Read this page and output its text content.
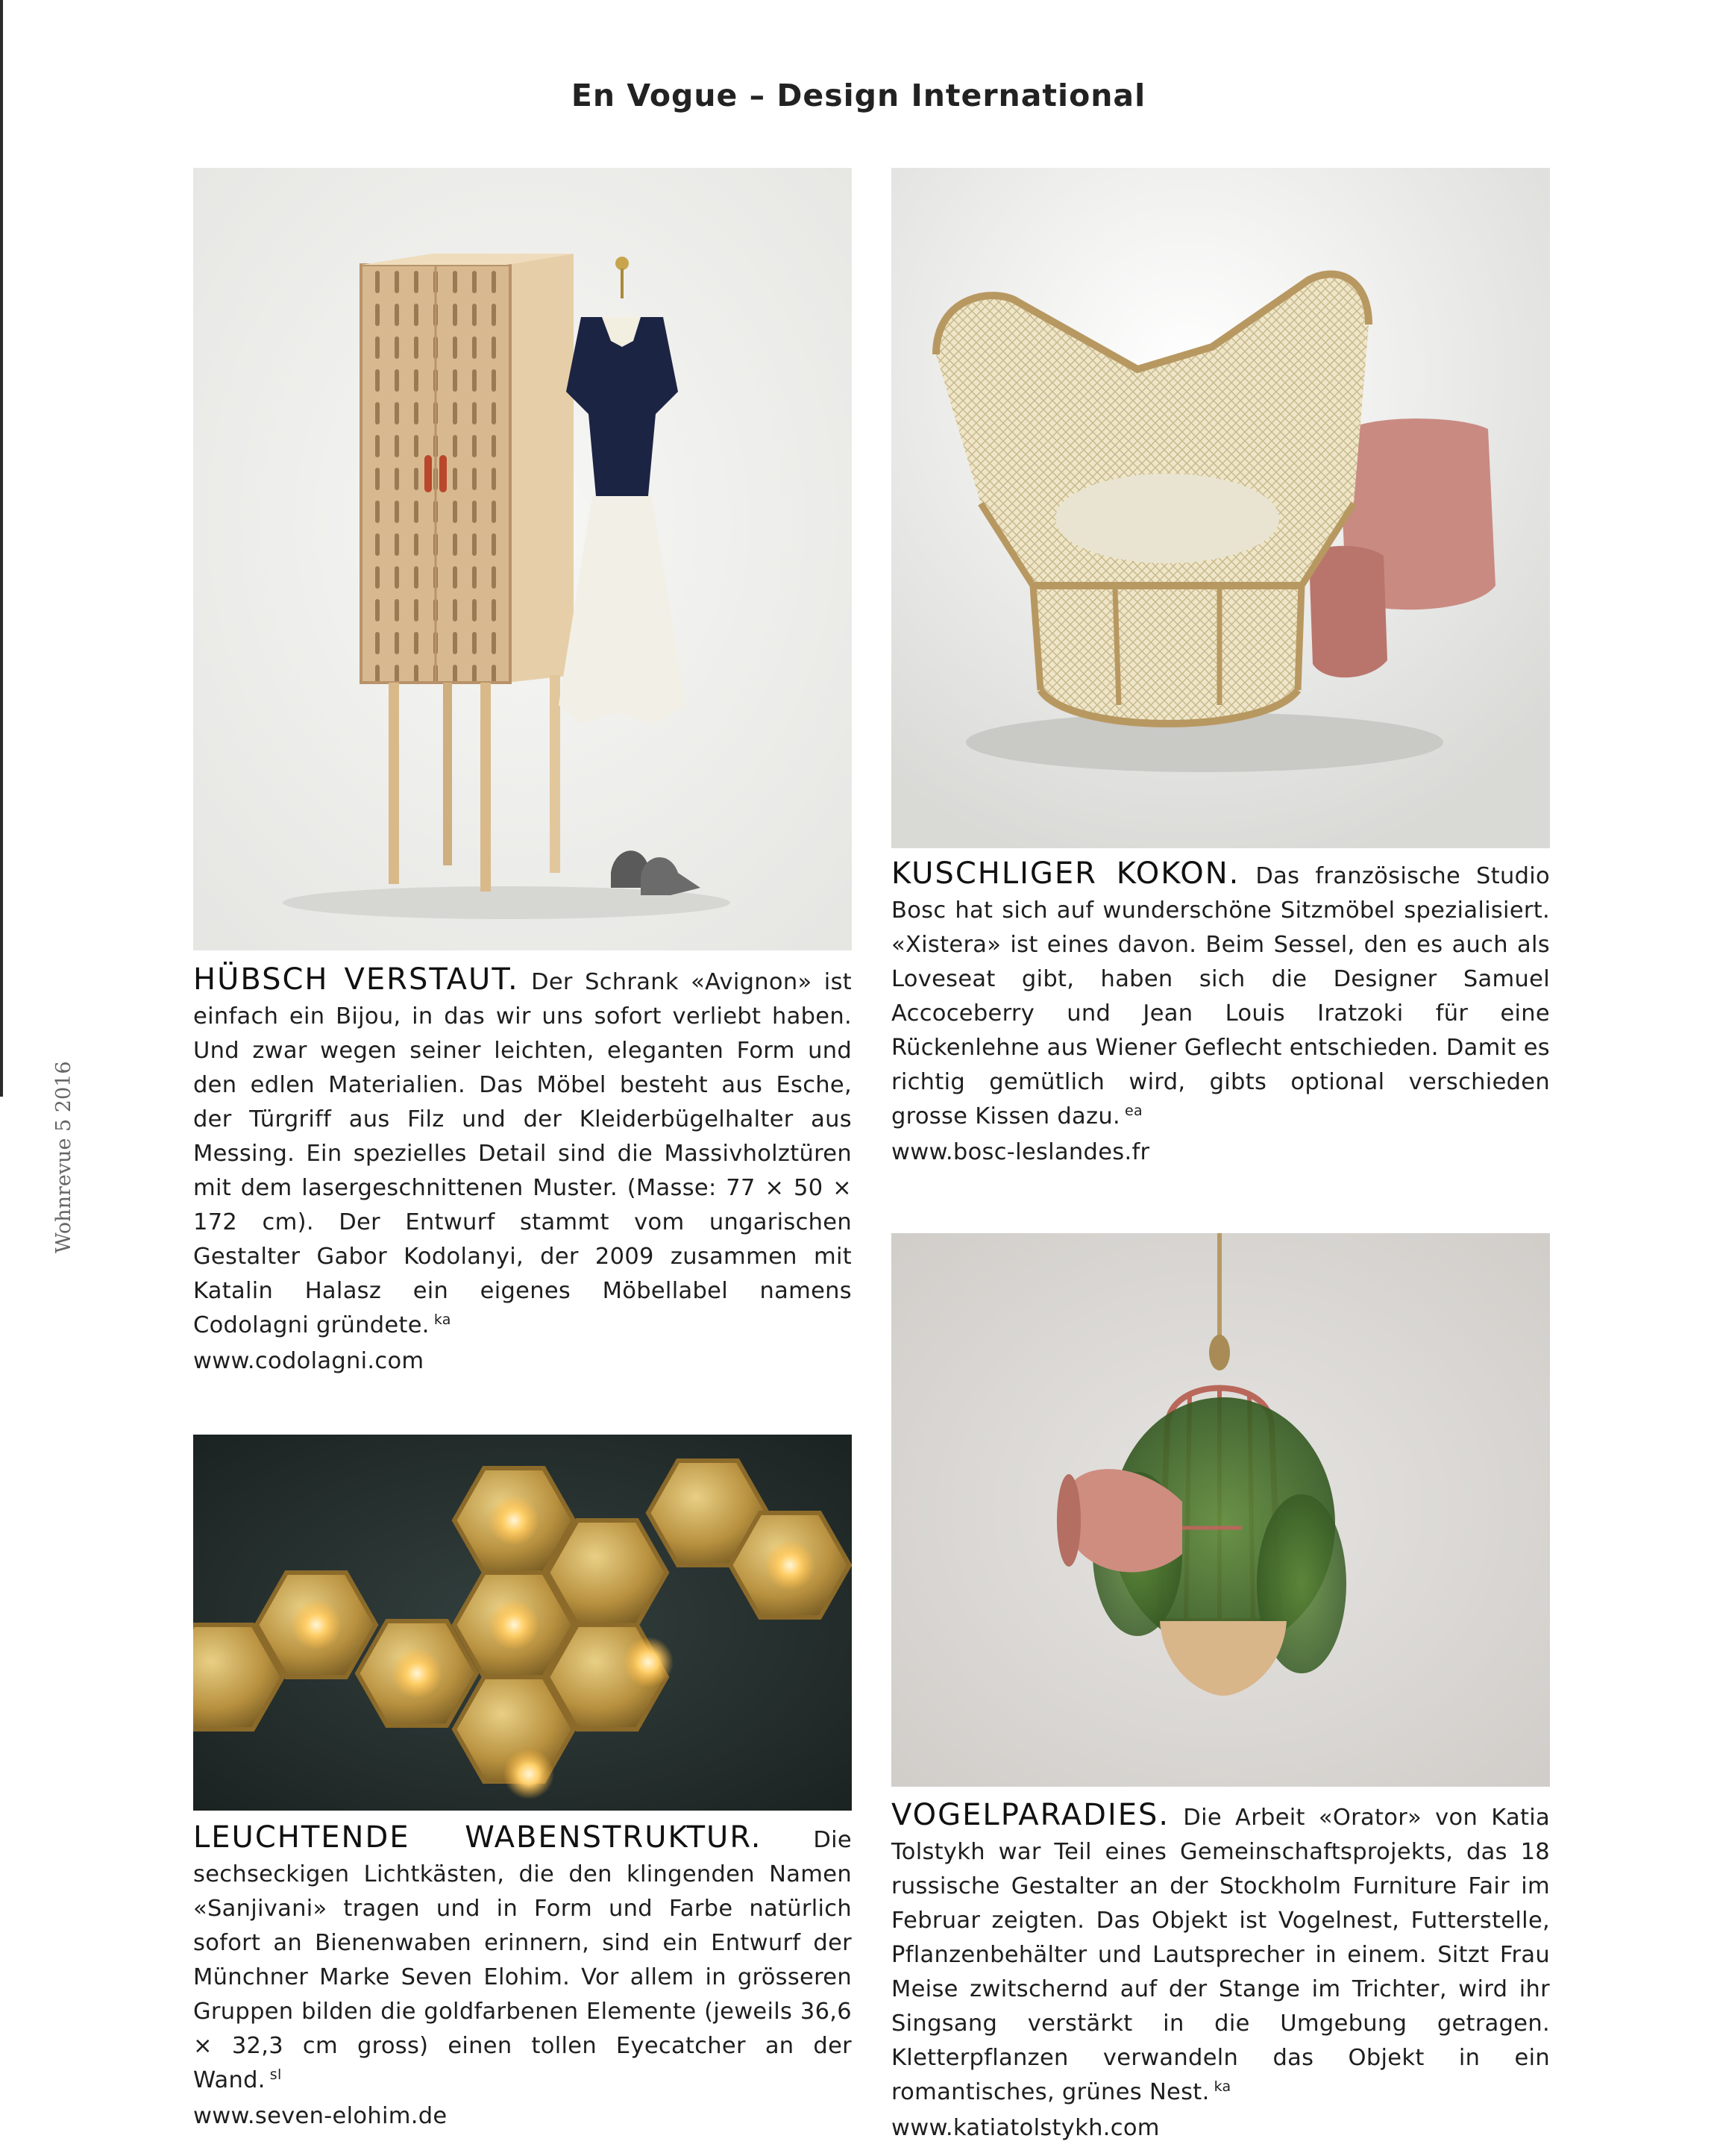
En Vogue – Design International
Wohnrevue 5 2016
HÜBSCH VERSTAUT. Der Schrank «Avignon» ist einfach ein Bijou, in das wir uns sofort verliebt haben. Und zwar wegen seiner leichten, eleganten Form und den edlen Materialien. Das Möbel besteht aus Esche, der Türgriff aus Filz und der Kleiderbügelhalter aus Messing. Ein spezielles Detail sind die Massivholztüren mit dem lasergeschnittenen Muster. (Masse: 77 × 50 × 172 cm). Der Entwurf stammt vom ungarischen Gestalter Gabor Kodolanyi, der 2009 zusammen mit Katalin Halasz ein eigenes Möbellabel namens Codolagni gründete. $^{ka}$
www.codolagni.com
KUSCHLIGER KOKON. Das französische Studio Bosc hat sich auf wunderschöne Sitzmöbel spezialisiert. «Xistera» ist eines davon. Beim Sessel, den es auch als Loveseat gibt, haben sich die Designer Samuel Accoceberry und Jean Louis Iratzoki für eine Rückenlehne aus Wiener Geflecht entschieden. Damit es richtig gemütlich wird, gibts optional verschieden grosse Kissen dazu. $^{ea}$
www.bosc-leslandes.fr
LEUCHTENDE WABENSTRUKTUR. Die sechseckigen Lichtkästen, die den klingenden Namen «Sanjivani» tragen und in Form und Farbe natürlich sofort an Bienenwaben erinnern, sind ein Entwurf der Münchner Marke Seven Elohim. Vor allem in grösseren Gruppen bilden die goldfarbenen Elemente (jeweils 36,6 × 32,3 cm gross) einen tollen Eyecatcher an der Wand. $^{sl}$
www.seven-elohim.de
VOGELPARADIES. Die Arbeit «Orator» von Katia Tolstykh war Teil eines Gemeinschaftsprojekts, das 18 russische Gestalter an der Stockholm Furniture Fair im Februar zeigten. Das Objekt ist Vogelnest, Futterstelle, Pflanzenbehälter und Lautsprecher in einem. Sitzt Frau Meise zwitschernd auf der Stange im Trichter, wird ihr Singsang verstärkt in die Umgebung getragen. Kletterpflanzen verwandeln das Objekt in ein romantisches, grünes Nest. $^{ka}$
www.katiatolstykh.com
